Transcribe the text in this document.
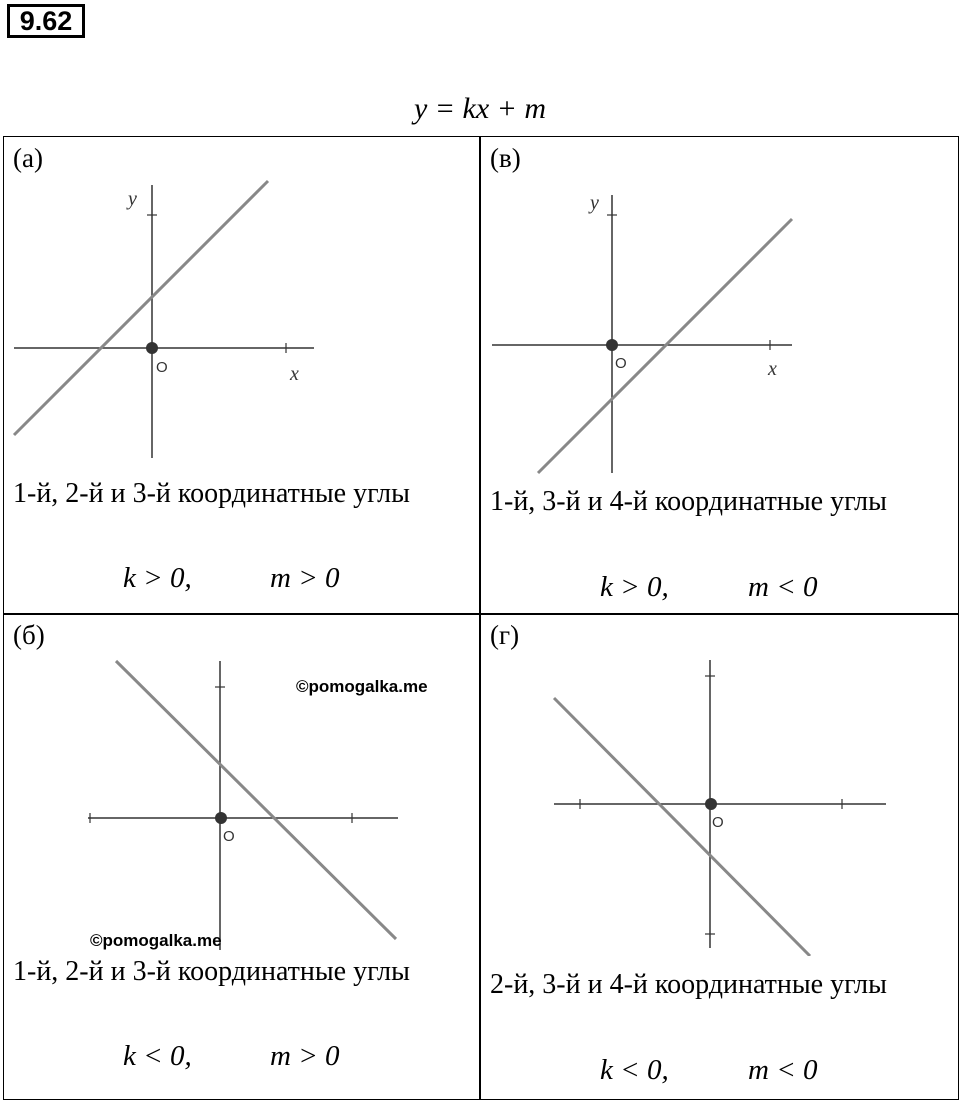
9.62
y = kx + m
(а)
O	x
y
1-й, 2-й и 3-й координатные углы
k > 0,	m > 0
(в)
O	x
y
1-й, 3-й и 4-й координатные углы
k > 0,	m < 0
(б)
O
©pomogalka.me
©pomogalka.me
1-й, 2-й и 3-й координатные углы
k < 0,	m > 0
(г)
O
2-й, 3-й и 4-й координатные углы
k < 0,	m < 0
